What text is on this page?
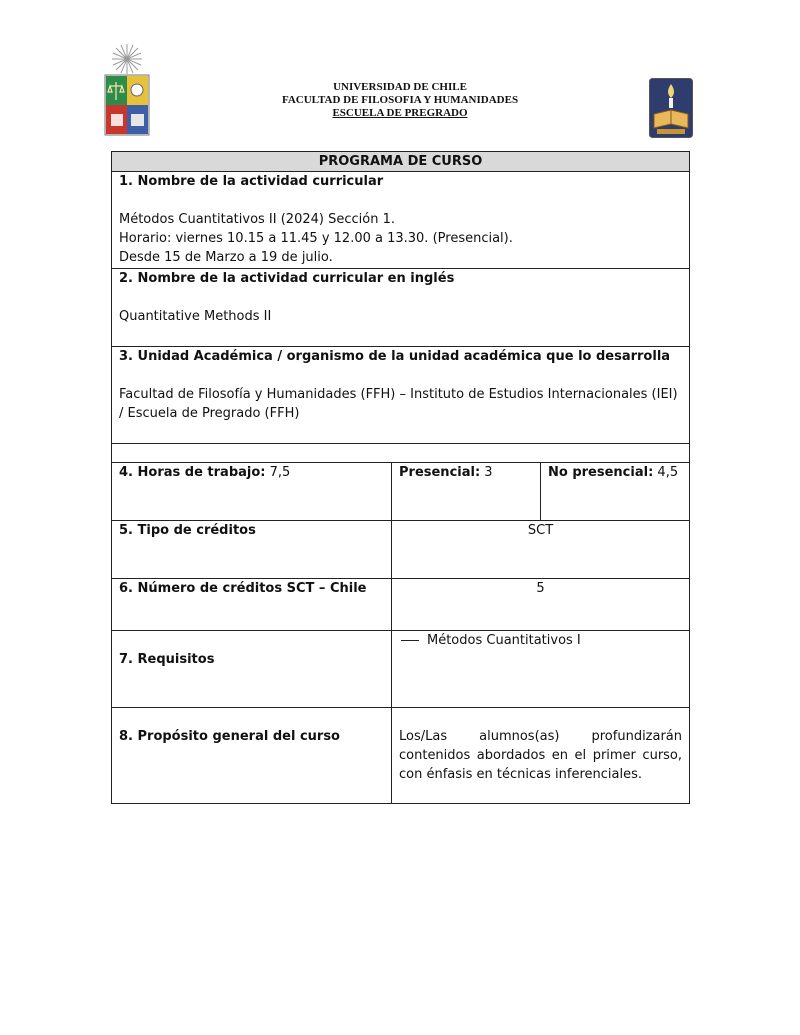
UNIVERSIDAD DE CHILE
FACULTAD DE FILOSOFIA Y HUMANIDADES
ESCUELA DE PREGRADO
PROGRAMA DE CURSO		

1. Nombre de la actividad curricular
Métodos Cuantitativos II (2024) Sección 1.
Horario: viernes 10.15 a 11.45 y 12.00 a 13.30. (Presencial).
Desde 15 de Marzo a 19 de julio.		

2. Nombre de la actividad curricular en inglés
Quantitative Methods II		

3. Unidad Académica / organismo de la unidad académica que lo desarrolla
Facultad de Filosofía y Humanidades (FFH) – Instituto de Estudios Internacionales (IEI) / Escuela de Pregrado (FFH)		

4. Horas de trabajo: 7,5	Presencial: 3	No presencial: 4,5
5. Tipo de créditos	SCT	
6. Número de créditos SCT – Chile	5	
7. Requisitos	Métodos Cuantitativos I	
8. Propósito general del curso	Los/Las alumnos(as) profundizarán contenidos abordados en el primer curso, con énfasis en técnicas inferenciales.	
